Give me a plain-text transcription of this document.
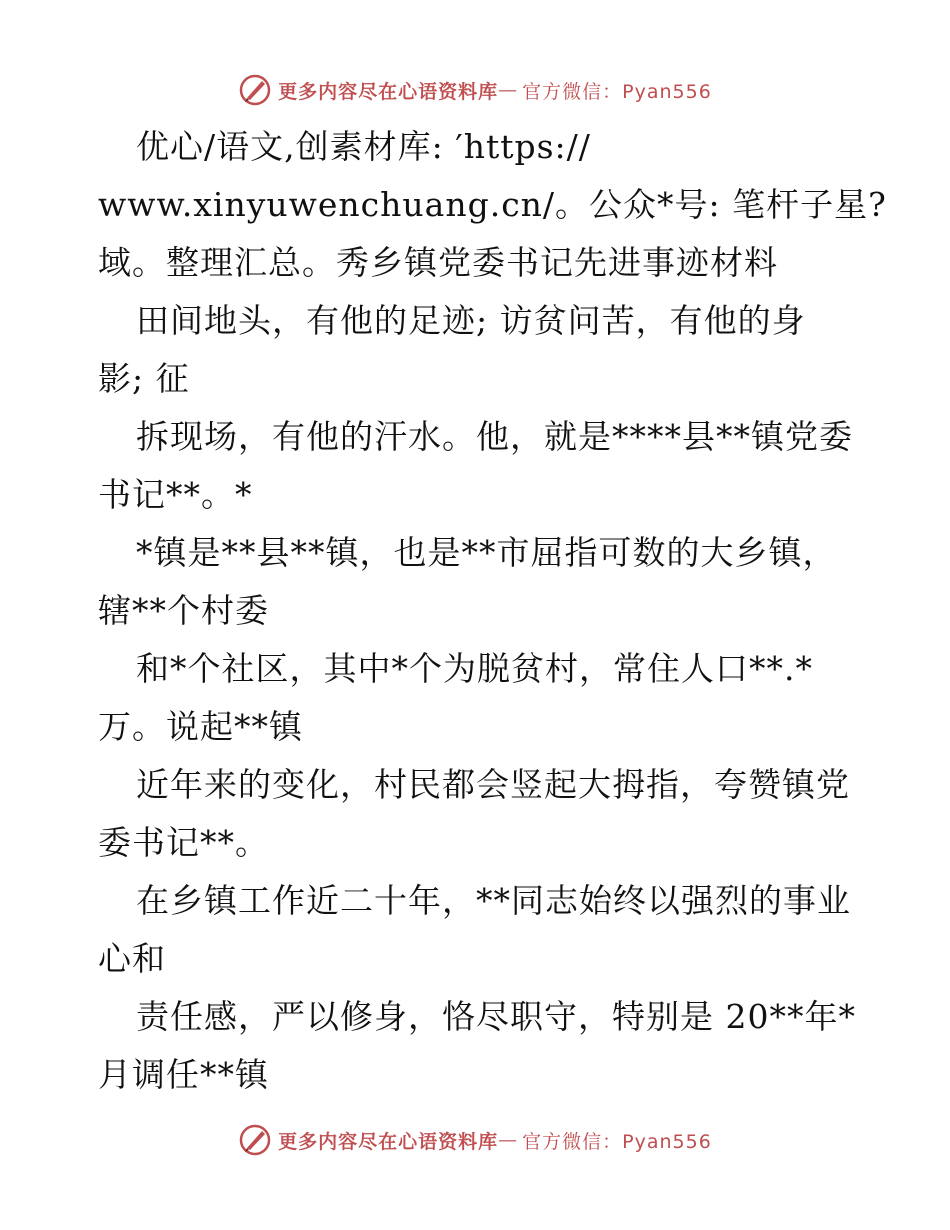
更多内容尽在心语资料库 — 官方微信：Pyan556
优心/语文,创素材库: ′https://
www.xinyuwenchuang.cn/。公众*号: 笔杆子星?
域。整理汇总。秀乡镇党委书记先进事迹材料
田间地头，有他的足迹; 访贫问苦，有他的身
影; 征
拆现场，有他的汗水。他，就是****县**镇党委
书记**。*
*镇是**县**镇，也是**市屈指可数的大乡镇，
辖**个村委
和*个社区，其中*个为脱贫村，常住人口**.*
万。说起**镇
近年来的变化，村民都会竖起大拇指，夸赞镇党
委书记**。
在乡镇工作近二十年，**同志始终以强烈的事业
心和
责任感，严以修身，恪尽职守，特别是 20**年*
月调任**镇
更多内容尽在心语资料库 — 官方微信：Pyan556
